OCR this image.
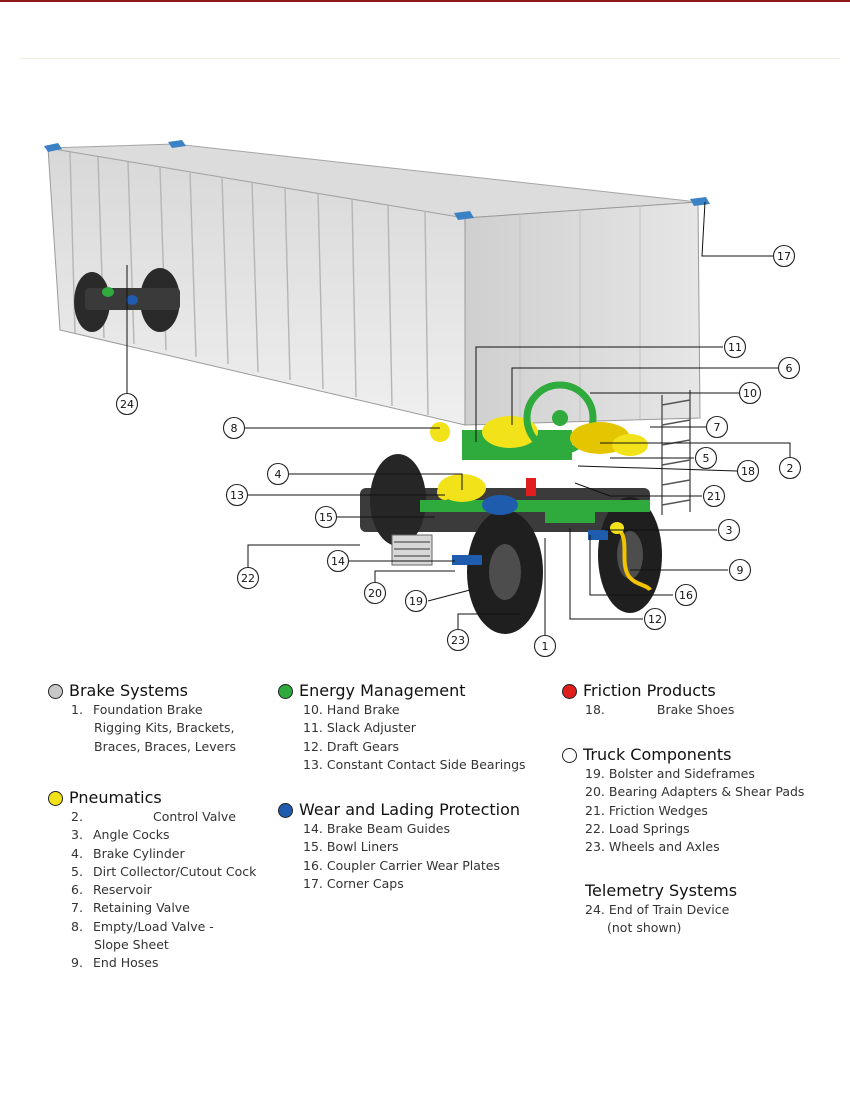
1
2
3
4
5
6
7
8
9
10
11
12
13
14
15
16
17
18
19
20
21
22
23
24
Brake Systems
1. Foundation Brake
Rigging Kits, Brackets,
Braces, Braces, Levers
Pneumatics
2.	Control Valve
3. Angle Cocks
4. Brake Cylinder
5. Dirt Collector/Cutout Cock
6. Reservoir
7. Retaining Valve
8. Empty/Load Valve -
Slope Sheet
9. End Hoses
Energy Management
10.
Hand Brake
11.
Slack Adjuster
12.
Draft Gears
13.
Constant Contact Side Bearings
Wear and Lading Protection
14.
Brake Beam Guides
15.
Bowl Liners
16.
Coupler Carrier Wear Plates
17.
Corner Caps
Friction Products
18.	Brake Shoes
Truck Components
19.
Bolster and Sideframes
20.
Bearing Adapters & Shear Pads
21.
Friction Wedges
22.
Load Springs
23.
Wheels and Axles
Telemetry Systems
24.
End of Train Device
(not shown)
